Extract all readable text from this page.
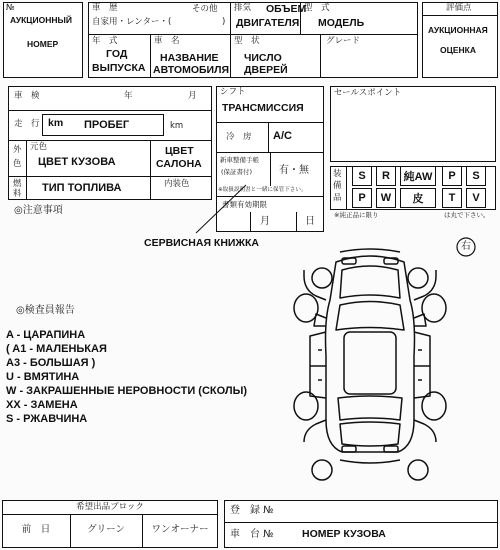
№
АУКЦИОННЫЙ
НОМЕР
車　歴
自家用・レンター・(
その他
)
排気 ОБЪЕМ
ДВИГАТЕЛЯ
型　式
МОДЕЛЬ
年　式
ГОД
ВЫПУСКА
車　名
НАЗВАНИЕ
АВТОМОБИЛЯ
型　状
ЧИСЛО
ДВЕРЕЙ
グレード
評価点
АУКЦИОННАЯ
ОЦЕНКА
車　検	年	月
走　行 km ПРОБЕГ	km
外
色
元色
ЦВЕТ КУЗОВА
ЦВЕТ
САЛОНА
燃
料 ТИП ТОПЛИВА	内装色
シフト
ТРАНСМИССИЯ
冷　房 A/C
新車整備手帳
(保証書付)	有・無
※取扱説明書と一緒に保管下さい。
書類有効期限
月	日
セールスポイント
装
備
品
S	R	純AW	P	S
P	W	皮	T	V
※純正品に限り	は丸で下さい。
◎注意事項
СЕРВИСНАЯ КНИЖКА	右
◎検査員報告
A - ЦАРАПИНА
( A1 - МАЛЕНЬКАЯ
A3 - БОЛЬШАЯ )
U - ВМЯТИНА
W - ЗАКРАШЕННЫЕ НЕРОВНОСТИ (СКОЛЫ)
XX - ЗАМЕНА
S - РЖАВЧИНА
希望出品ブロック
前　日	グリーン	ワンオーナー
登　録 №
車　台 №	НОМЕР КУЗОВА
